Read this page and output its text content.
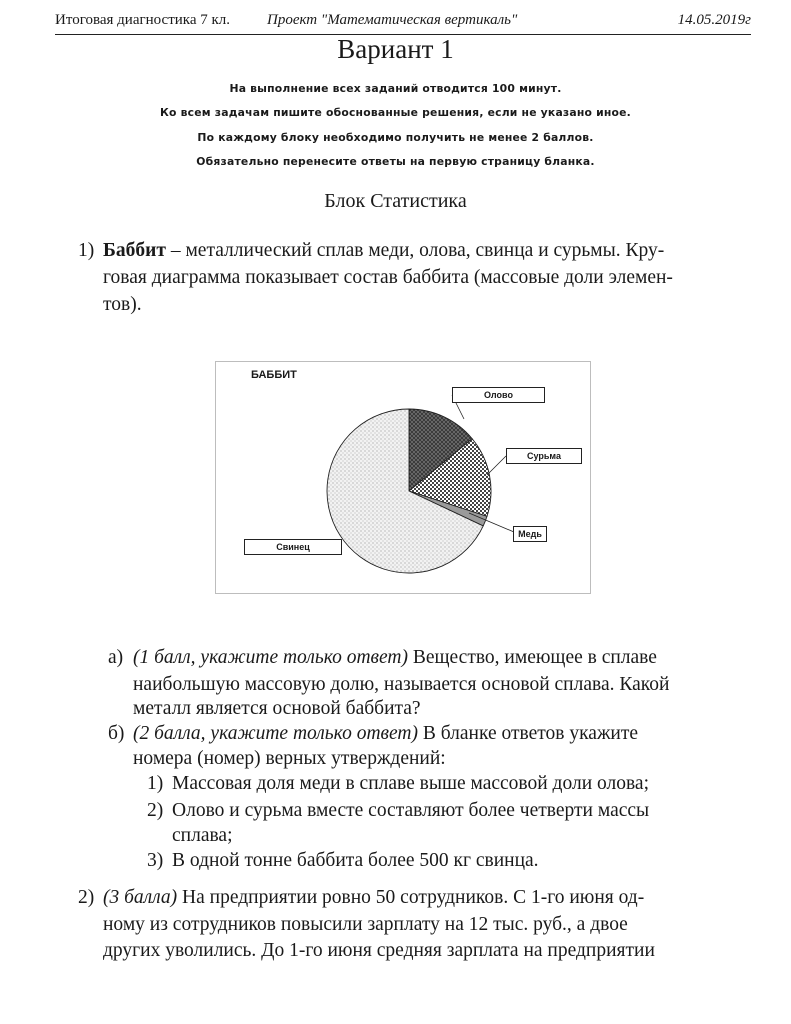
Итоговая диагностика 7 кл. Проект "Математическая вертикаль"	14.05.2019г
Вариант 1
На выполнение всех заданий отводится 100 минут.
Ко всем задачам пишите обоснованные решения, если не указано иное.
По каждому блоку необходимо получить не менее 2 баллов.
Обязательно перенесите ответы на первую страницу бланка.
Блок Статистика
1) Баббит – металлический сплав меди, олова, свинца и сурьмы. Кру-
говая диаграмма показывает состав баббита (массовые доли элемен-
тов).
БАББИТ
Олово
Сурьма
Медь
Свинец
а) (1 балл, укажите только ответ) Вещество, имеющее в сплаве
наибольшую массовую долю, называется основой сплава. Какой
металл является основой баббита?
б) (2 балла, укажите только ответ) В бланке ответов укажите
номера (номер) верных утверждений:
1) Массовая доля меди в сплаве выше массовой доли олова;
2) Олово и сурьма вместе составляют более четверти массы
сплава;
3) В одной тонне баббита более 500 кг свинца.
2) (3 балла) На предприятии ровно 50 сотрудников. С 1-го июня од-
ному из сотрудников повысили зарплату на 12 тыс. руб., а двое
других уволились. До 1-го июня средняя зарплата на предприятии
